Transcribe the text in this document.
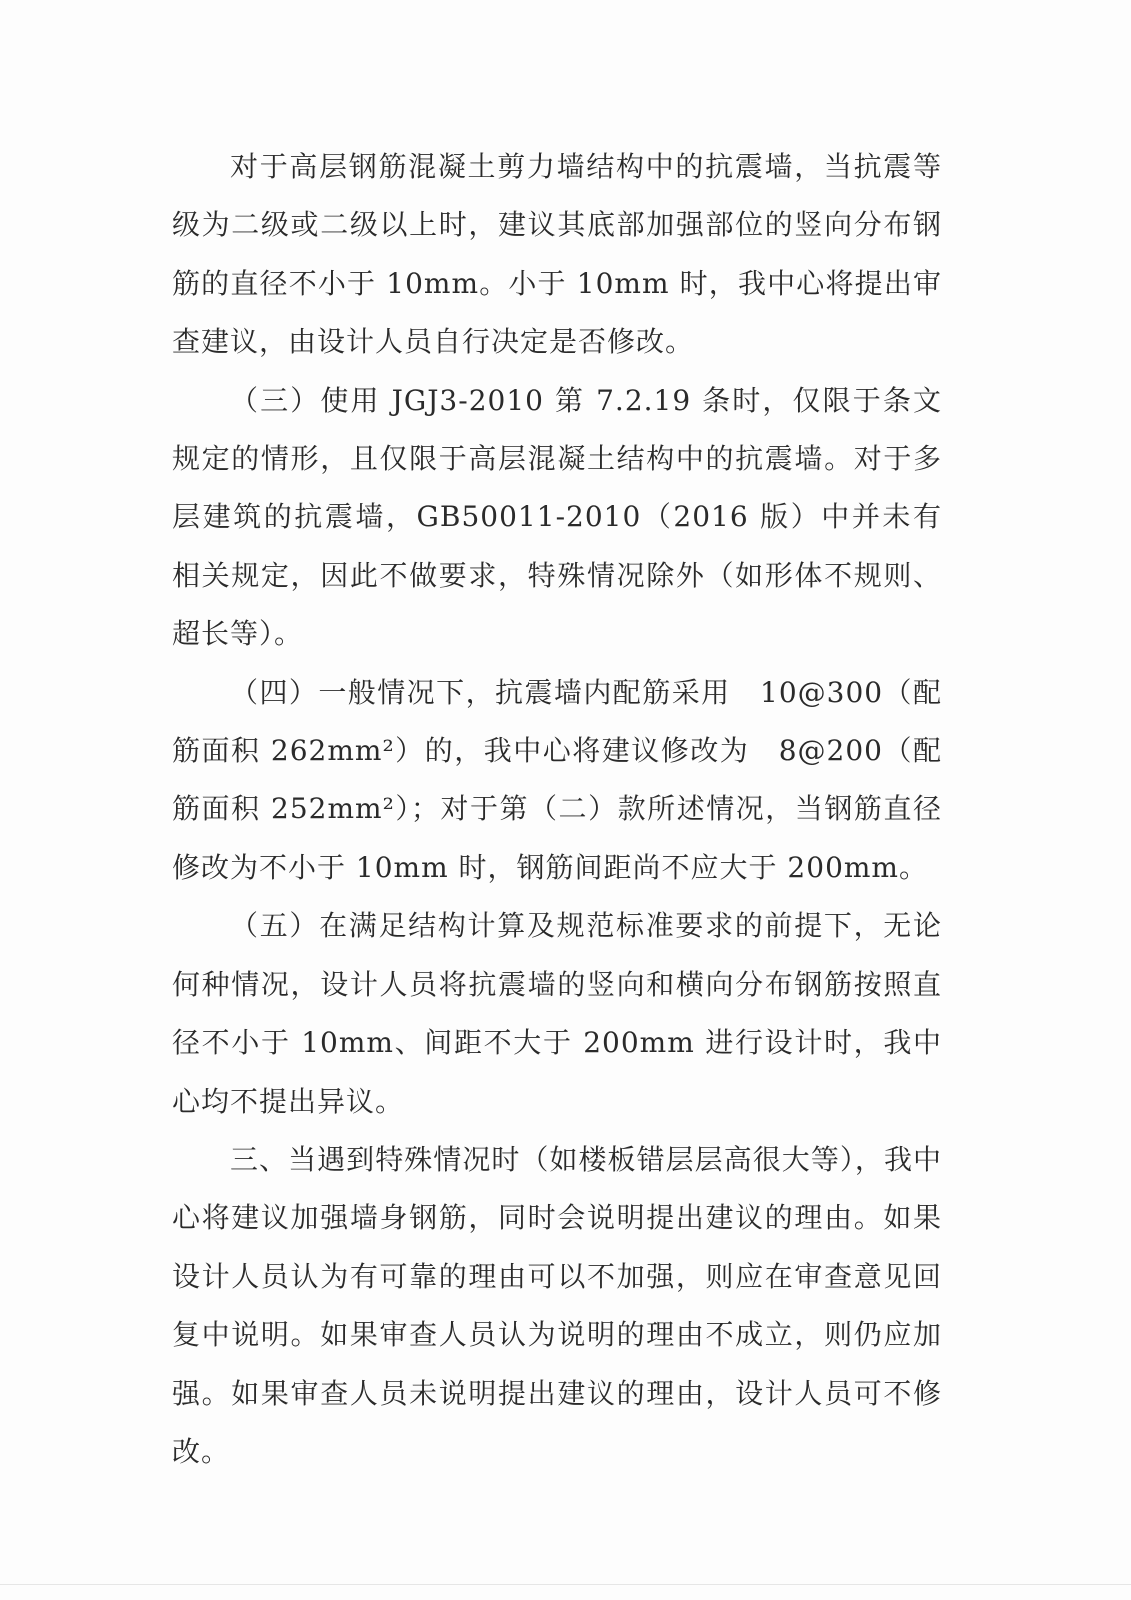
对于高层钢筋混凝土剪力墙结构中的抗震墙，当抗震等级为二级或二级以上时，建议其底部加强部位的竖向分布钢筋的直径不小于 10mm。小于 10mm 时，我中心将提出审查建议，由设计人员自行决定是否修改。

（三）使用 JGJ3-2010 第 7.2.19 条时，仅限于条文规定的情形，且仅限于高层混凝土结构中的抗震墙。对于多层建筑的抗震墙，GB50011-2010（2016 版）中并未有相关规定，因此不做要求，特殊情况除外（如形体不规则、超长等）。

（四）一般情况下，抗震墙内配筋采用　10@300（配筋面积 262mm²）的，我中心将建议修改为　8@200（配筋面积 252mm²）；对于第（二）款所述情况，当钢筋直径修改为不小于 10mm 时，钢筋间距尚不应大于 200mm。

（五）在满足结构计算及规范标准要求的前提下，无论何种情况，设计人员将抗震墙的竖向和横向分布钢筋按照直径不小于 10mm、间距不大于 200mm 进行设计时，我中心均不提出异议。

三、当遇到特殊情况时（如楼板错层层高很大等），我中心将建议加强墙身钢筋，同时会说明提出建议的理由。如果设计人员认为有可靠的理由可以不加强，则应在审查意见回复中说明。如果审查人员认为说明的理由不成立，则仍应加强。如果审查人员未说明提出建议的理由，设计人员可不修改。
